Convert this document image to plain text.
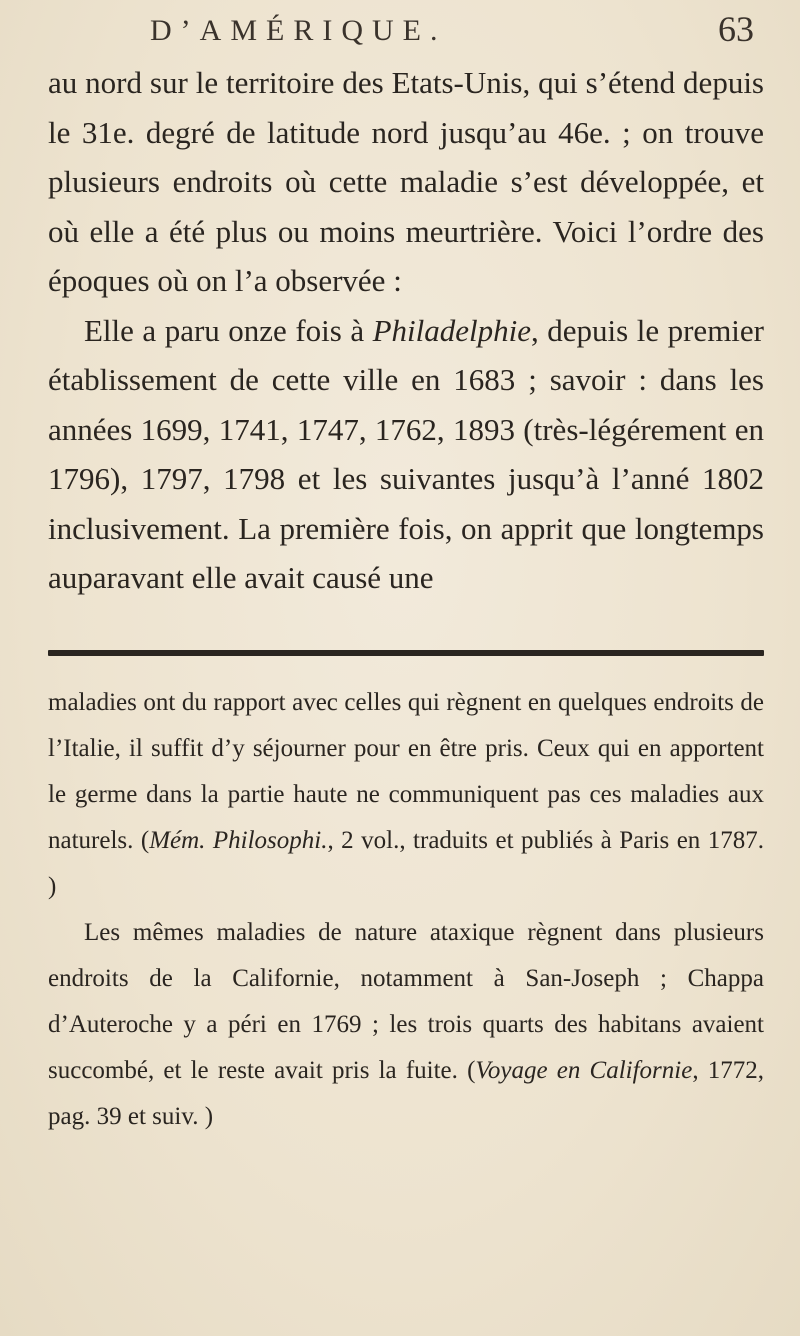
D’AMÉRIQUE.	63

au nord sur le territoire des Etats-Unis, qui s’étend depuis le 31e. degré de latitude nord jusqu’au 46e. ; on trouve plusieurs endroits où cette maladie s’est développée, et où elle a été plus ou moins meurtrière. Voici l’ordre des époques où on l’a observée :

Elle a paru onze fois à Philadelphie, depuis le premier établissement de cette ville en 1683 ; savoir : dans les années 1699, 1741, 1747, 1762, 1893 (très-légérement en 1796), 1797, 1798 et les suivantes jusqu’à l’anné 1802 inclusivement. La première fois, on apprit que longtemps auparavant elle avait causé une

maladies ont du rapport avec celles qui règnent en quelques endroits de l’Italie, il suffit d’y séjourner pour en être pris. Ceux qui en apportent le germe dans la partie haute ne communiquent pas ces maladies aux naturels. (Mém. Philosophi., 2 vol., traduits et publiés à Paris en 1787. )

Les mêmes maladies de nature ataxique règnent dans plusieurs endroits de la Californie, notamment à San-Joseph ; Chappa d’Auteroche y a péri en 1769 ; les trois quarts des habitans avaient succombé, et le reste avait pris la fuite. (Voyage en Californie, 1772, pag. 39 et suiv. )
